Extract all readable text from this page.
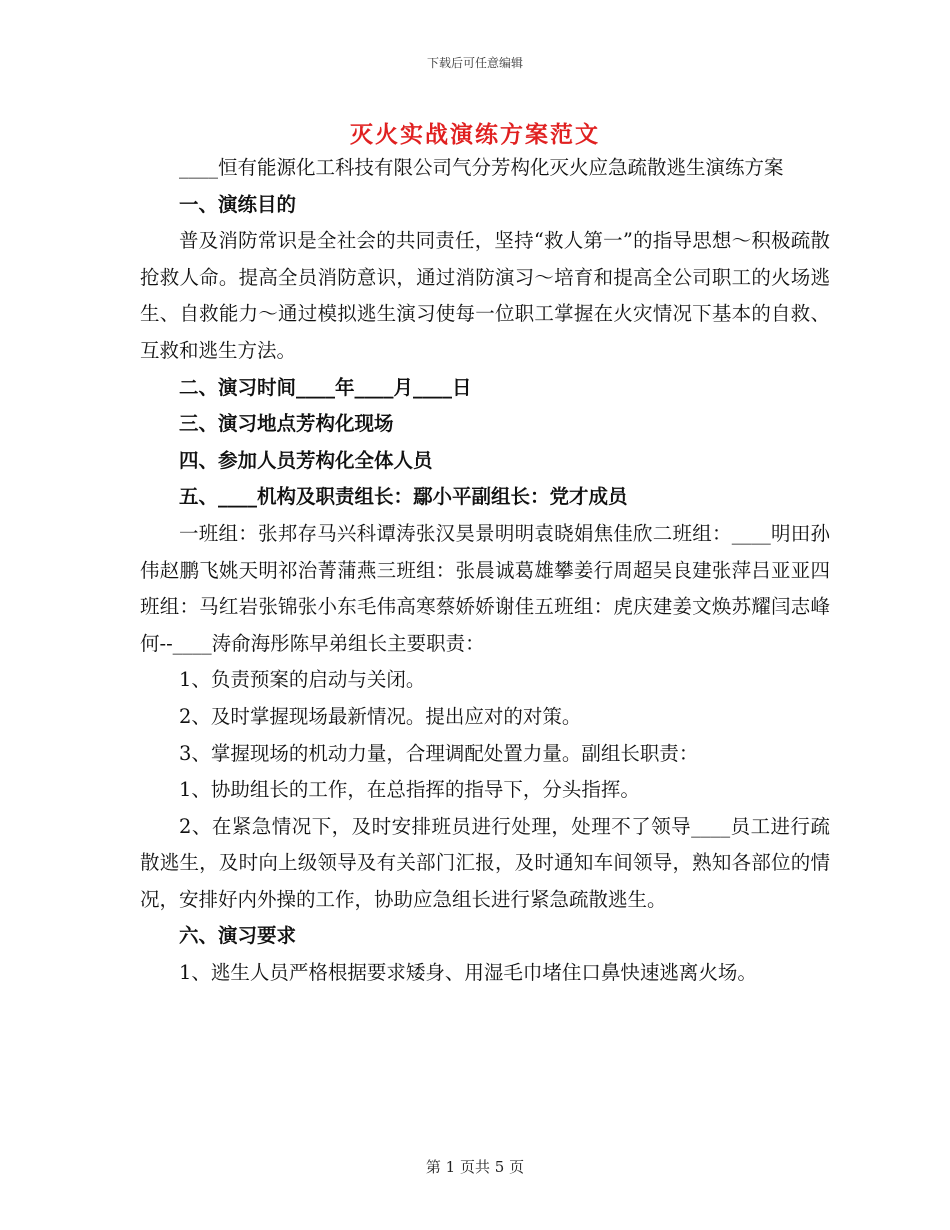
下载后可任意编辑
灭火实战演练方案范文

____恒有能源化工科技有限公司气分芳构化灭火应急疏散逃生演练方案

一、演练目的

普及消防常识是全社会的共同责任，坚持“救人第一”的指导思想～积极疏散抢救人命。提高全员消防意识，通过消防演习～培育和提高全公司职工的火场逃生、自救能力～通过模拟逃生演习使每一位职工掌握在火灾情况下基本的自救、互救和逃生方法。

二、演习时间____年____月____日

三、演习地点芳构化现场

四、参加人员芳构化全体人员

五、____机构及职责组长：鄢小平副组长：党才成员

一班组：张邦存马兴科谭涛张汉昊景明明袁晓娟焦佳欣二班组：____明田孙伟赵鹏飞姚天明祁治菁蒲燕三班组：张晨诚葛雄攀姜行周超吴良建张萍吕亚亚四班组：马红岩张锦张小东毛伟高寒蔡娇娇谢佳五班组：虎庆建姜文焕苏耀闫志峰何--____涛俞海彤陈早弟组长主要职责：

1、负责预案的启动与关闭。

2、及时掌握现场最新情况。提出应对的对策。

3、掌握现场的机动力量，合理调配处置力量。副组长职责：

1、协助组长的工作，在总指挥的指导下，分头指挥。

2、在紧急情况下，及时安排班员进行处理，处理不了领导____员工进行疏散逃生，及时向上级领导及有关部门汇报，及时通知车间领导，熟知各部位的情况，安排好内外操的工作，协助应急组长进行紧急疏散逃生。

六、演习要求

1、逃生人员严格根据要求矮身、用湿毛巾堵住口鼻快速逃离火场。

第 1 页共 5 页
